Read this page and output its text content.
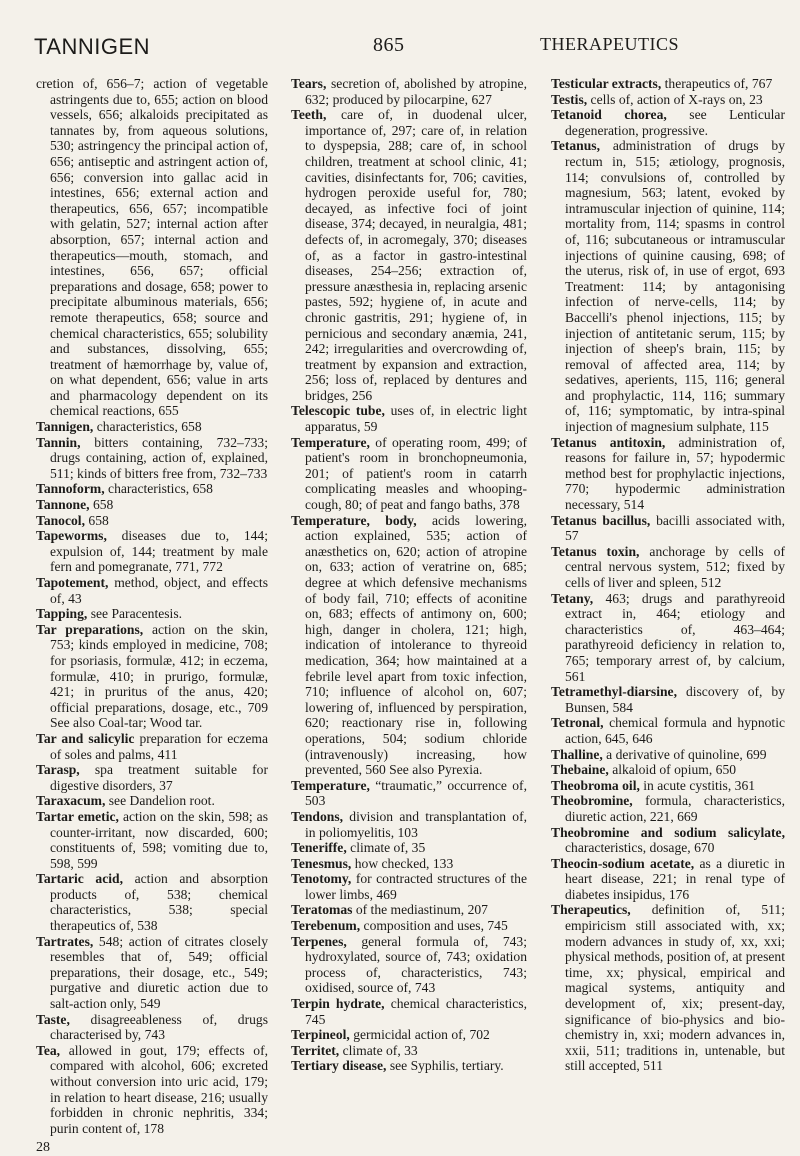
TANNIGEN	865	THERAPEUTICS

cretion of, 656–7; action of vegetable astringents due to, 655; action on blood vessels, 656; alkaloids precipitated as tannates by, from aqueous solutions, 530; astringency the principal action of, 656; antiseptic and astringent action of, 656; conversion into gallac acid in intestines, 656; external action and therapeutics, 656, 657; incompatible with gelatin, 527; internal action after absorption, 657; internal action and therapeutics—mouth, stomach, and intestines, 656, 657; official preparations and dosage, 658; power to precipitate albuminous materials, 656; remote therapeutics, 658; source and chemical characteristics, 655; solubility and substances, dissolving, 655; treatment of hæmorrhage by, value of, on what dependent, 656; value in arts and pharmacology dependent on its chemical reactions, 655

Tannigen, characteristics, 658

Tannin, bitters containing, 732–733; drugs containing, action of, explained, 511; kinds of bitters free from, 732–733

Tannoform, characteristics, 658

Tannone, 658

Tanocol, 658

Tapeworms, diseases due to, 144; expulsion of, 144; treatment by male fern and pomegranate, 771, 772

Tapotement, method, object, and effects of, 43

Tapping, see Paracentesis.

Tar preparations, action on the skin, 753; kinds employed in medicine, 708; for psoriasis, formulæ, 412; in eczema, formulæ, 410; in prurigo, formulæ, 421; in pruritus of the anus, 420; official preparations, dosage, etc., 709 See also Coal-tar; Wood tar.

Tar and salicylic preparation for eczema of soles and palms, 411

Tarasp, spa treatment suitable for digestive disorders, 37

Taraxacum, see Dandelion root.

Tartar emetic, action on the skin, 598; as counter-irritant, now discarded, 600; constituents of, 598; vomiting due to, 598, 599

Tartaric acid, action and absorption products of, 538; chemical characteristics, 538; special therapeutics of, 538

Tartrates, 548; action of citrates closely resembles that of, 549; official preparations, their dosage, etc., 549; purgative and diuretic action due to salt-action only, 549

Taste, disagreeableness of, drugs characterised by, 743

Tea, allowed in gout, 179; effects of, compared with alcohol, 606; excreted without conversion into uric acid, 179; in relation to heart disease, 216; usually forbidden in chronic nephritis, 334; purin content of, 178

28

Tears, secretion of, abolished by atropine, 632; produced by pilocarpine, 627

Teeth, care of, in duodenal ulcer, importance of, 297; care of, in relation to dyspepsia, 288; care of, in school children, treatment at school clinic, 41; cavities, disinfectants for, 706; cavities, hydrogen peroxide useful for, 780; decayed, as infective foci of joint disease, 374; decayed, in neuralgia, 481; defects of, in acromegaly, 370; diseases of, as a factor in gastro-intestinal diseases, 254–256; extraction of, pressure anæsthesia in, replacing arsenic pastes, 592; hygiene of, in acute and chronic gastritis, 291; hygiene of, in pernicious and secondary anæmia, 241, 242; irregularities and overcrowding of, treatment by expansion and extraction, 256; loss of, replaced by dentures and bridges, 256

Telescopic tube, uses of, in electric light apparatus, 59

Temperature, of operating room, 499; of patient's room in bronchopneumonia, 201; of patient's room in catarrh complicating measles and whooping-cough, 80; of peat and fango baths, 378

Temperature, body, acids lowering, action explained, 535; action of anæsthetics on, 620; action of atropine on, 633; action of veratrine on, 685; degree at which defensive mechanisms of body fail, 710; effects of aconitine on, 683; effects of antimony on, 600; high, danger in cholera, 121; high, indication of intolerance to thyreoid medication, 364; how maintained at a febrile level apart from toxic infection, 710; influence of alcohol on, 607; lowering of, influenced by perspiration, 620; reactionary rise in, following operations, 504; sodium chloride (intravenously) increasing, how prevented, 560 See also Pyrexia.

Temperature, “traumatic,” occurrence of, 503

Tendons, division and transplantation of, in poliomyelitis, 103

Teneriffe, climate of, 35

Tenesmus, how checked, 133

Tenotomy, for contracted structures of the lower limbs, 469

Teratomas of the mediastinum, 207

Terebenum, composition and uses, 745

Terpenes, general formula of, 743; hydroxylated, source of, 743; oxidation process of, characteristics, 743; oxidised, source of, 743

Terpin hydrate, chemical characteristics, 745

Terpineol, germicidal action of, 702

Territet, climate of, 33

Tertiary disease, see Syphilis, tertiary.

Testicular extracts, therapeutics of, 767

Testis, cells of, action of X-rays on, 23

Tetanoid chorea, see Lenticular degeneration, progressive.

Tetanus, administration of drugs by rectum in, 515; ætiology, prognosis, 114; convulsions of, controlled by magnesium, 563; latent, evoked by intramuscular injection of quinine, 114; mortality from, 114; spasms in control of, 116; subcutaneous or intramuscular injections of quinine causing, 698; of the uterus, risk of, in use of ergot, 693 Treatment: 114; by antagonising infection of nerve-cells, 114; by Baccelli's phenol injections, 115; by injection of antitetanic serum, 115; by injection of sheep's brain, 115; by removal of affected area, 114; by sedatives, aperients, 115, 116; general and prophylactic, 114, 116; summary of, 116; symptomatic, by intra-spinal injection of magnesium sulphate, 115

Tetanus antitoxin, administration of, reasons for failure in, 57; hypodermic method best for prophylactic injections, 770; hypodermic administration necessary, 514

Tetanus bacillus, bacilli associated with, 57

Tetanus toxin, anchorage by cells of central nervous system, 512; fixed by cells of liver and spleen, 512

Tetany, 463; drugs and parathyreoid extract in, 464; etiology and characteristics of, 463–464; parathyreoid deficiency in relation to, 765; temporary arrest of, by calcium, 561

Tetramethyl-diarsine, discovery of, by Bunsen, 584

Tetronal, chemical formula and hypnotic action, 645, 646

Thalline, a derivative of quinoline, 699

Thebaine, alkaloid of opium, 650

Theobroma oil, in acute cystitis, 361

Theobromine, formula, characteristics, diuretic action, 221, 669

Theobromine and sodium salicylate, characteristics, dosage, 670

Theocin-sodium acetate, as a diuretic in heart disease, 221; in renal type of diabetes insipidus, 176

Therapeutics, definition of, 511; empiricism still associated with, xx; modern advances in study of, xx, xxi; physical methods, position of, at present time, xx; physical, empirical and magical systems, antiquity and development of, xix; present-day, significance of bio-physics and bio-chemistry in, xxi; modern advances in, xxii, 511; traditions in, untenable, but still accepted, 511
